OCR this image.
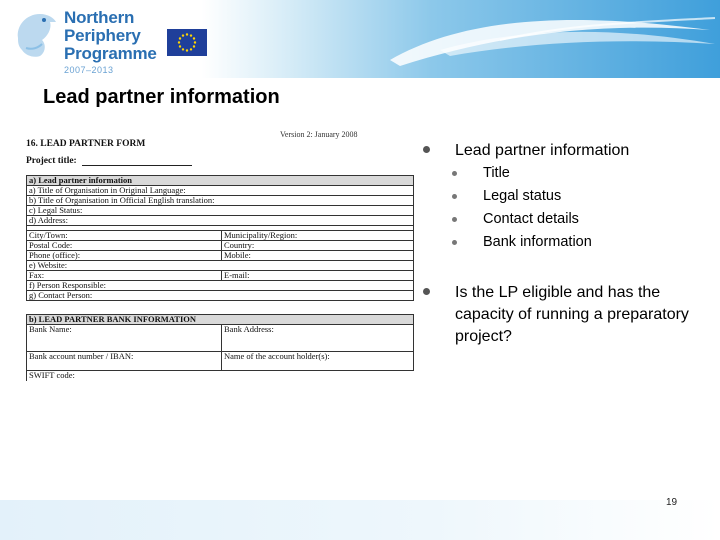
Northern
Periphery
Programme
2007–2013
Lead partner information
Version 2: January 2008
16. LEAD PARTNER FORM
Project title:
a) Lead partner information	
a) Title of Organisation in Original Language:	
b) Title of Organisation in Official English translation:	
c) Legal Status:	
d) Address:	

City/Town:	Municipality/Region:
Postal Code:	Country:
Phone (office):	Mobile:
e) Website:	
Fax:	E-mail:
f) Person Responsible:	
g) Contact Person:	
b) LEAD PARTNER BANK INFORMATION	
Bank Name:	Bank Address:
Bank account number / IBAN:	Name of the account holder(s):
SWIFT code:	
Lead partner information
Title
Legal status
Contact details
Bank information
Is the LP eligible and has the capacity of running a preparatory project?
19
